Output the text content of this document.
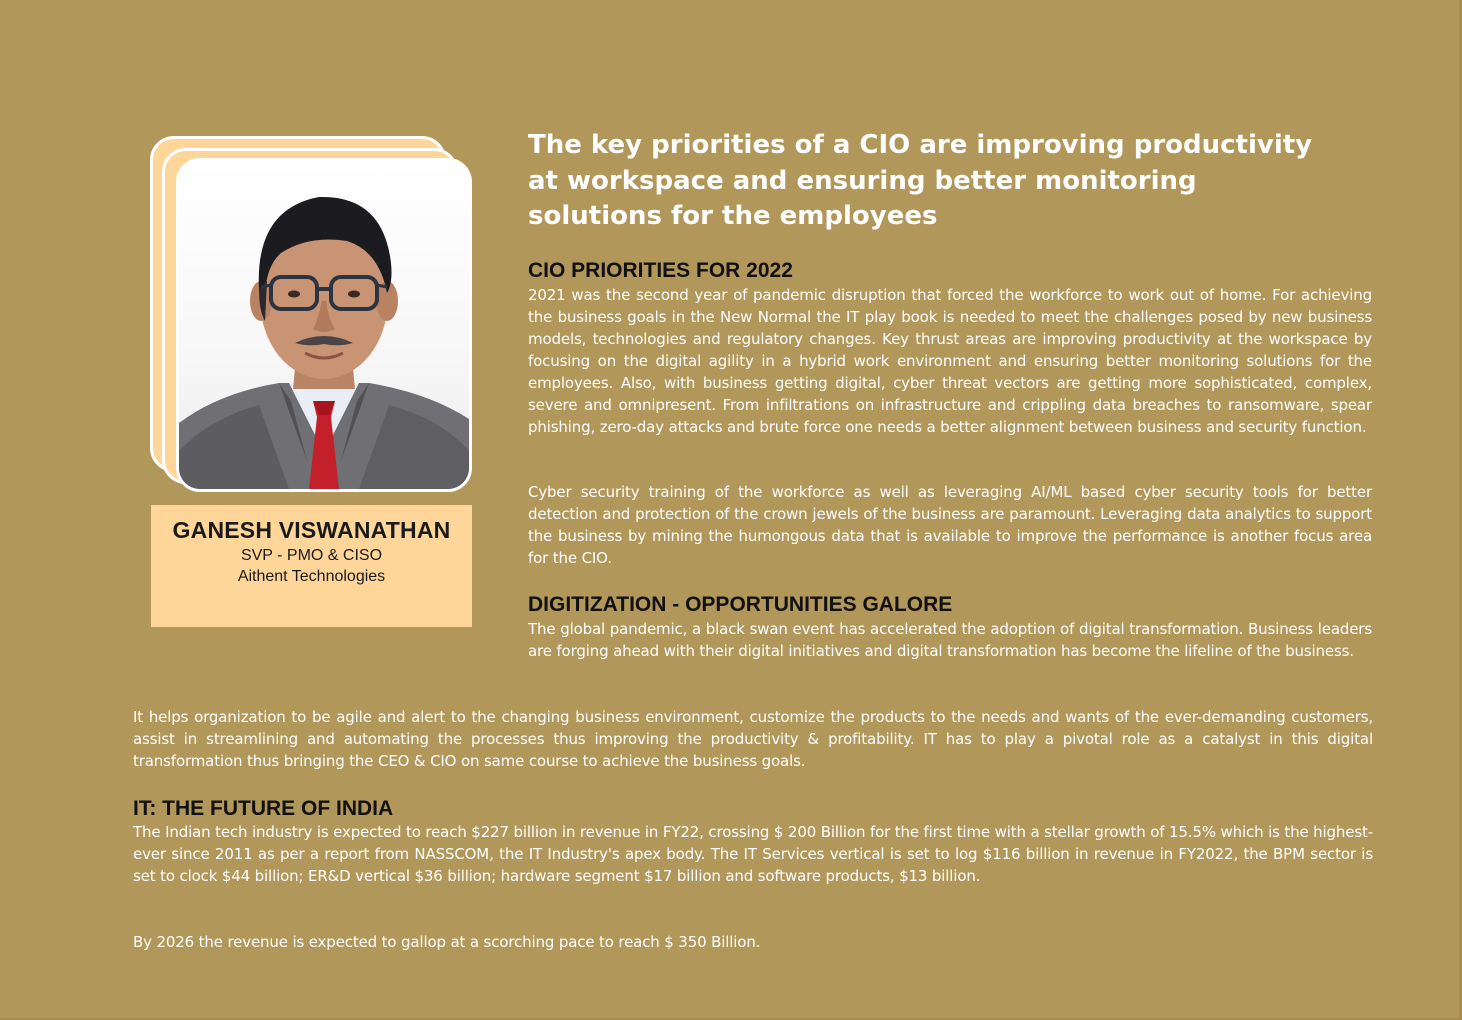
GANESH VISWANATHAN
SVP - PMO & CISO
Aithent Technologies
The key priorities of a CIO are improving productivity at workspace and ensuring better monitoring solutions for the employees
CIO PRIORITIES FOR 2022
2021 was the second year of pandemic disruption that forced the workforce to work out of home. For achieving the business goals in the New Normal the IT play book is needed to meet the challenges posed by new business models, technologies and regulatory changes. Key thrust areas are improving productivity at the workspace by focusing on the digital agility in a hybrid work environment and ensuring better monitoring solutions for the employees. Also, with business getting digital, cyber threat vectors are getting more sophisticated, complex, severe and omnipresent. From infiltrations on infrastructure and crippling data breaches to ransomware, spear phishing, zero-day attacks and brute force one needs a better alignment between business and security function.
Cyber security training of the workforce as well as leveraging AI/ML based cyber security tools for better detection and protection of the crown jewels of the business are paramount. Leveraging data analytics to support the business by mining the humongous data that is available to improve the performance is another focus area for the CIO.
DIGITIZATION - OPPORTUNITIES GALORE
The global pandemic, a black swan event has accelerated the adoption of digital transformation. Business leaders are forging ahead with their digital initiatives and digital transformation has become the lifeline of the business.
It helps organization to be agile and alert to the changing business environment, customize the products to the needs and wants of the ever-demanding customers, assist in streamlining and automating the processes thus improving the productivity & profitability. IT has to play a pivotal role as a catalyst in this digital transformation thus bringing the CEO & CIO on same course to achieve the business goals.
IT: THE FUTURE OF INDIA
The Indian tech industry is expected to reach $227 billion in revenue in FY22, crossing $ 200 Billion for the first time with a stellar growth of 15.5% which is the highest-ever since 2011 as per a report from NASSCOM, the IT Industry's apex body. The IT Services vertical is set to log $116 billion in revenue in FY2022, the BPM sector is set to clock $44 billion; ER&D vertical $36 billion; hardware segment $17 billion and software products, $13 billion.
By 2026 the revenue is expected to gallop at a scorching pace to reach $ 350 Billion.
